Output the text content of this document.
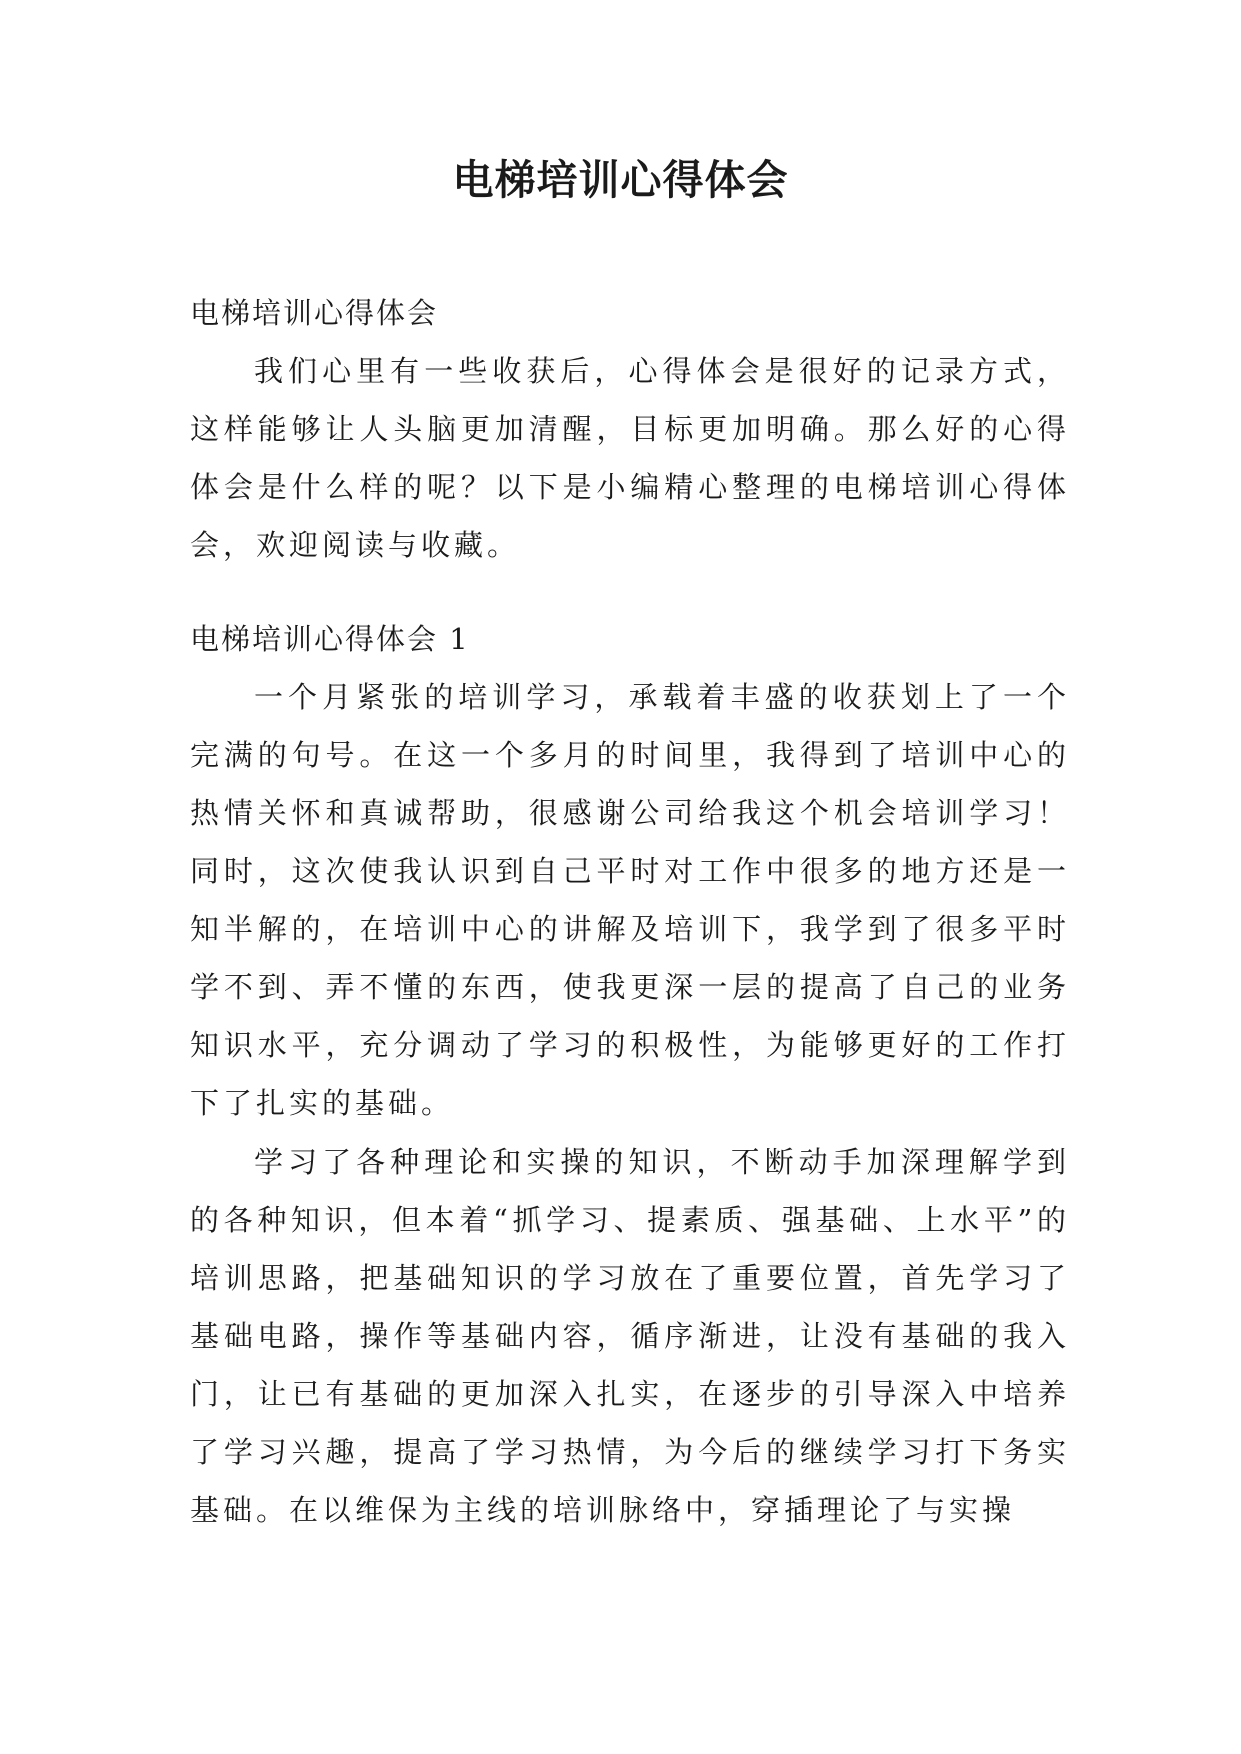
电梯培训心得体会

电梯培训心得体会

我们心里有一些收获后，心得体会是很好的记录方式，这样能够让人头脑更加清醒，目标更加明确。那么好的心得体会是什么样的呢？以下是小编精心整理的电梯培训心得体会，欢迎阅读与收藏。

电梯培训心得体会 1

一个月紧张的培训学习，承载着丰盛的收获划上了一个完满的句号。在这一个多月的时间里，我得到了培训中心的热情关怀和真诚帮助，很感谢公司给我这个机会培训学习！同时，这次使我认识到自己平时对工作中很多的地方还是一知半解的，在培训中心的讲解及培训下，我学到了很多平时学不到、弄不懂的东西，使我更深一层的提高了自己的业务知识水平，充分调动了学习的积极性，为能够更好的工作打下了扎实的基础。

学习了各种理论和实操的知识，不断动手加深理解学到的各种知识，但本着“抓学习、提素质、强基础、上水平”的培训思路，把基础知识的学习放在了重要位置，首先学习了基础电路，操作等基础内容，循序渐进，让没有基础的我入门，让已有基础的更加深入扎实，在逐步的引导深入中培养了学习兴趣，提高了学习热情，为今后的继续学习打下务实基础。在以维保为主线的培训脉络中，穿插理论了与实操
